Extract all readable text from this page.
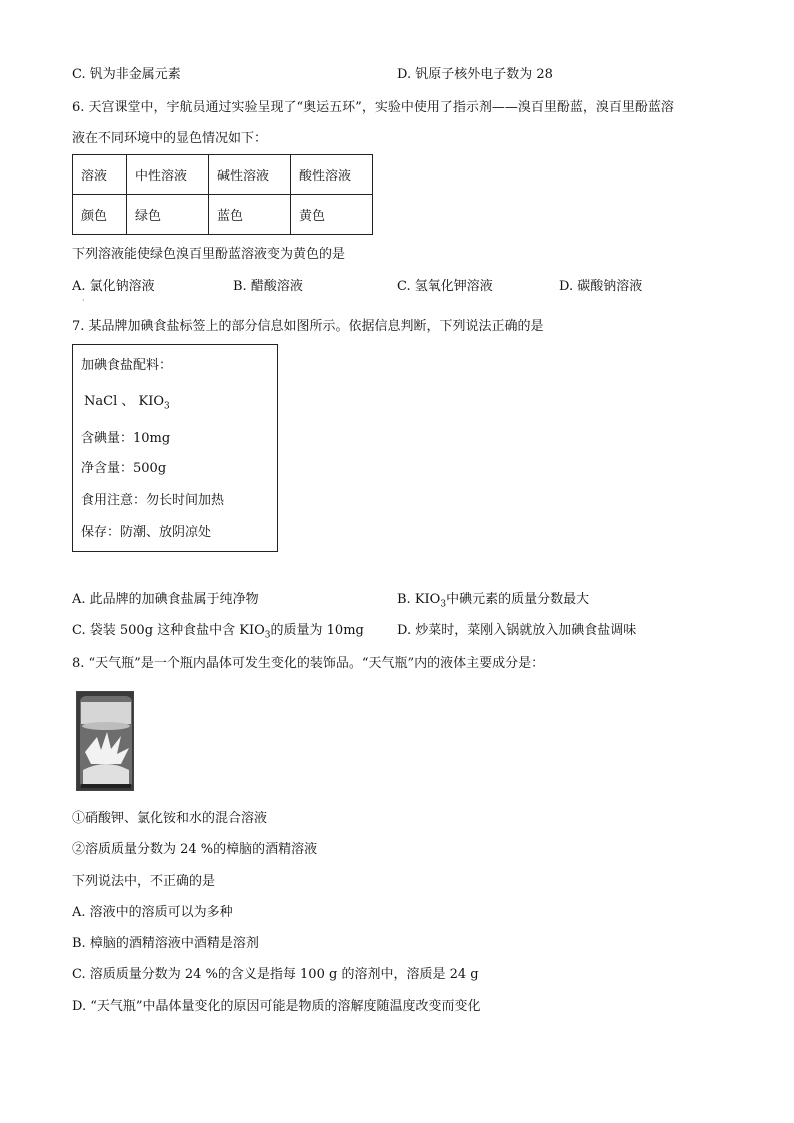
C. 钒为非金属元素	D. 钒原子核外电子数为 28
6. 天宫课堂中，宇航员通过实验呈现了“奥运五环”，实验中使用了指示剂——溴百里酚蓝，溴百里酚蓝溶
液在不同环境中的显色情况如下：
溶液	中性溶液	碱性溶液	酸性溶液
颜色	绿色	蓝色	黄色
下列溶液能使绿色溴百里酚蓝溶液变为黄色的是
A. 氯化钠溶液	B. 醋酸溶液	C. 氢氧化钾溶液	D. 碳酸钠溶液
·
7. 某品牌加碘食盐标签上的部分信息如图所示。依据信息判断，下列说法正确的是
加碘食盐配料：
NaCl 、 $KIO_3$
含碘量：10mg
净含量：500g
食用注意：勿长时间加热
保存：防潮、放阴凉处
A. 此品牌的加碘食盐属于纯净物	B. $KIO_3$中碘元素的质量分数最大
C. 袋装 500g 这种食盐中含 $KIO_3$的质量为 10mg	D. 炒菜时，菜刚入锅就放入加碘食盐调味
8. “天气瓶”是一个瓶内晶体可发生变化的装饰品。“天气瓶”内的液体主要成分是：
①硝酸钾、氯化铵和水的混合溶液
②溶质质量分数为 24 %的樟脑的酒精溶液
下列说法中，不正确的是
A. 溶液中的溶质可以为多种
B. 樟脑的酒精溶液中酒精是溶剂
C. 溶质质量分数为 24 %的含义是指每 100 g 的溶剂中，溶质是 24 g
D. “天气瓶”中晶体量变化的原因可能是物质的溶解度随温度改变而变化
